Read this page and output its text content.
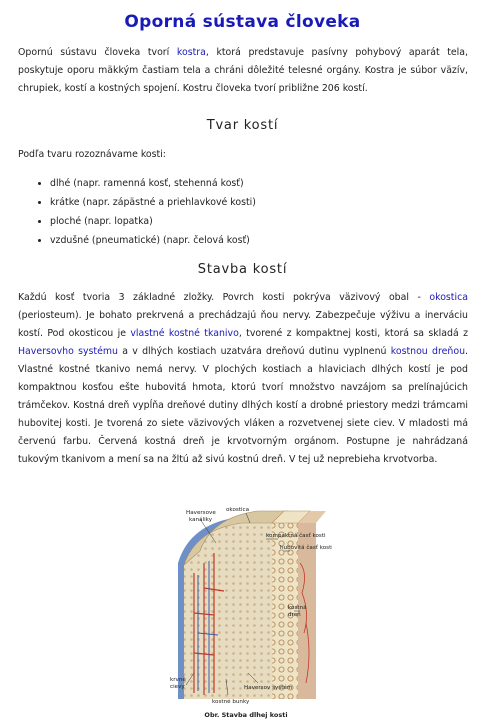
Oporná sústava človeka

Opornú sústavu človeka tvorí kostra, ktorá predstavuje pasívny pohybový aparát tela, poskytuje oporu mäkkým častiam tela a chráni dôležité telesné orgány. Kostra je súbor väzív, chrupiek, kostí a kostných spojení. Kostru človeka tvorí približne 206 kostí.

Tvar kostí

Podľa tvaru rozoznávame kosti:

• dlhé (napr. ramenná kosť, stehenná kosť)
• krátke (napr. zápästné a priehlavkové kosti)
• ploché (napr. lopatka)
• vzdušné (pneumatické) (napr. čelová kosť)
Stavba kostí

Každú kosť tvoria 3 základné zložky. Povrch kosti pokrýva väzivový obal - okostica (periosteum). Je bohato prekrvená a prechádzajú ňou nervy. Zabezpečuje výživu a inerváciu kostí. Pod okosticou je vlastné kostné tkanivo, tvorené z kompaktnej kosti, ktorá sa skladá z Haversovho systému a v dlhých kostiach uzatvára dreňovú dutinu vyplnenú kostnou dreňou. Vlastné kostné tkanivo nemá nervy. V plochých kostiach a hlaviciach dlhých kostí je pod kompaktnou kosťou ešte hubovitá hmota, ktorú tvorí množstvo navzájom sa prelínajúcich trámčekov. Kostná dreň vypĺňa dreňové dutiny dlhých kostí a drobné priestory medzi trámcami hubovitej kosti. Je tvorená zo siete väzivových vláken a rozvetvenej siete ciev. V mladosti má červenú farbu. Červená kostná dreň je krvotvorným orgánom. Postupne je nahrádzaná tukovým tkanivom a mení sa na žltú až sivú kostnú dreň. V tej už neprebieha krvotvorba.

Haversove
kanáliky
okostica
kompaktná časť kosti
hubovitá časť kosti
kostná
dreň
krvné
cievy	Haversov systém
kostné bunky
Obr. Stavba dlhej kosti
